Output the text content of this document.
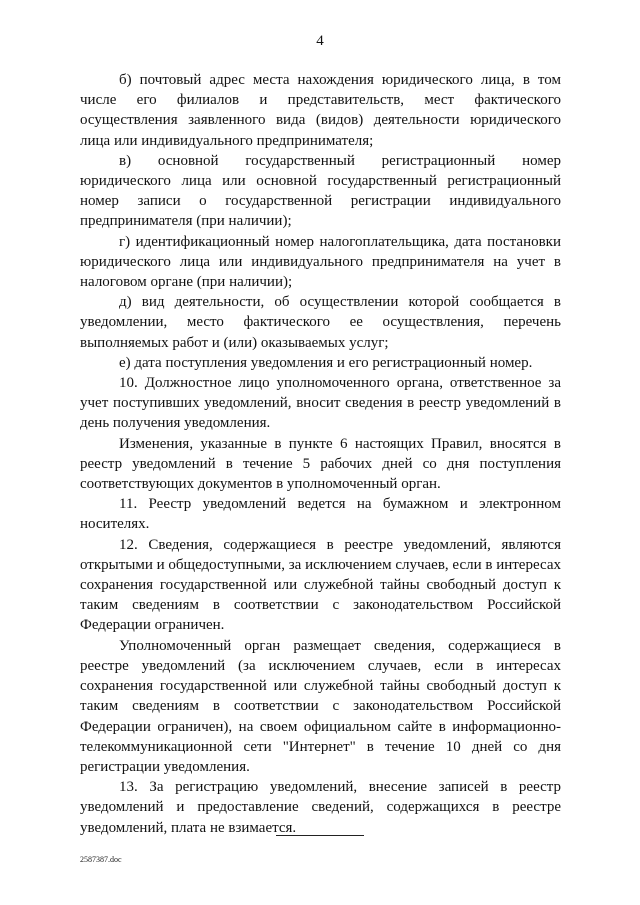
4

б) почтовый адрес места нахождения юридического лица, в том числе его филиалов и представительств, мест фактического осуществления заявленного вида (видов) деятельности юридического лица или индивидуального предпринимателя;

в) основной государственный регистрационный номер юридического лица или основной государственный регистрационный номер записи о государственной регистрации индивидуального предпринимателя (при наличии);

г) идентификационный номер налогоплательщика, дата постановки юридического лица или индивидуального предпринимателя на учет в налоговом органе (при наличии);

д) вид деятельности, об осуществлении которой сообщается в уведомлении, место фактического ее осуществления, перечень выполняемых работ и (или) оказываемых услуг;

е) дата поступления уведомления и его регистрационный номер.

10. Должностное лицо уполномоченного органа, ответственное за учет поступивших уведомлений, вносит сведения в реестр уведомлений в день получения уведомления.

Изменения, указанные в пункте 6 настоящих Правил, вносятся в реестр уведомлений в течение 5 рабочих дней со дня поступления соответствующих документов в уполномоченный орган.

11. Реестр уведомлений ведется на бумажном и электронном носителях.

12. Сведения, содержащиеся в реестре уведомлений, являются открытыми и общедоступными, за исключением случаев, если в интересах сохранения государственной или служебной тайны свободный доступ к таким сведениям в соответствии с законодательством Российской Федерации ограничен.

Уполномоченный орган размещает сведения, содержащиеся в реестре уведомлений (за исключением случаев, если в интересах сохранения государственной или служебной тайны свободный доступ к таким сведениям в соответствии с законодательством Российской Федерации ограничен), на своем официальном сайте в информационно-телекоммуникационной сети "Интернет" в течение 10 дней со дня регистрации уведомления.

13. За регистрацию уведомлений, внесение записей в реестр уведомлений и предоставление сведений, содержащихся в реестре уведомлений, плата не взимается.

2587387.doc
